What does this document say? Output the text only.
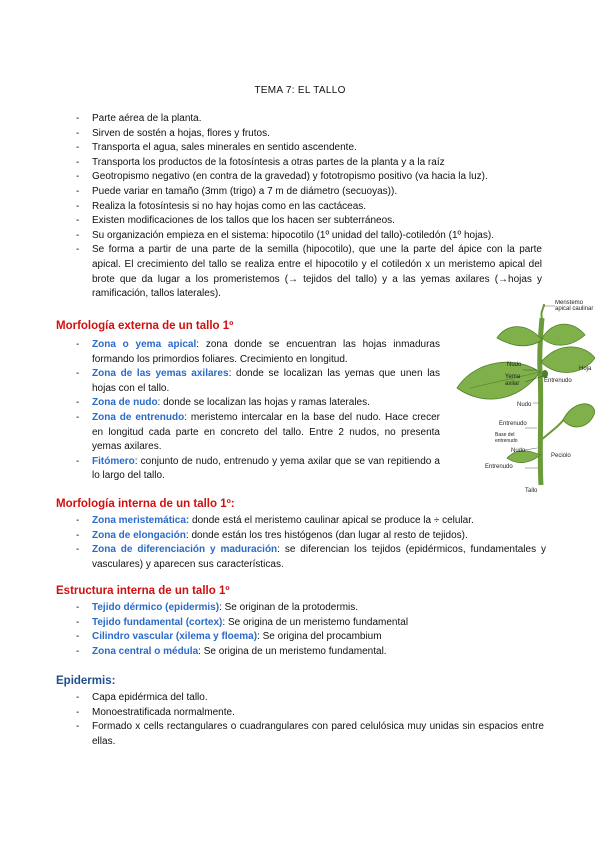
TEMA 7: EL TALLO
- Parte aérea de la planta.
- Sirven de sostén a hojas, flores y frutos.
- Transporta el agua, sales minerales en sentido ascendente.
- Transporta los productos de la fotosíntesis a otras partes de la planta y a la raíz
- Geotropismo negativo (en contra de la gravedad) y fototropismo positivo (va hacia la luz).
- Puede variar en tamaño (3mm (trigo) a 7 m de diámetro (secuoyas)).
- Realiza la fotosíntesis si no hay hojas como en las cactáceas.
- Existen modificaciones de los tallos que los hacen ser subterráneos.
- Su organización empieza en el sistema: hipocotilo (1º unidad del tallo)-cotiledón (1º hojas).
- Se forma a partir de una parte de la semilla (hipocotilo), que une la parte del ápice con la parte apical. El crecimiento del tallo se realiza entre el hipocotilo y el cotiledón x un meristemo apical del brote que da lugar a los promeristemos (→ tejidos del tallo) y a las yemas axilares (→hojas y ramificación, tallos laterales).
Morfología externa de un tallo 1º
- Zona o yema apical: zona donde se encuentran las hojas inmaduras formando los primordios foliares. Crecimiento en longitud.
- Zona de las yemas axilares: donde se localizan las yemas que unen las hojas con el tallo.
- Zona de nudo: donde se localizan las hojas y ramas laterales.
- Zona de entrenudo: meristemo intercalar en la base del nudo. Hace crecer en longitud cada parte en concreto del tallo. Entre 2 nudos, no presenta yemas axilares.
- Fitómero: conjunto de nudo, entrenudo y yema axilar que se van repitiendo a lo largo del tallo.
Meristemo
apical caulinar
Hoja
Nudo
Yema
axilar	Entrenudo
Nudo
Entrenudo
Base del
entrenudo
Nudo
Peciolo
Entrenudo
Tallo
Morfología interna de un tallo 1º:
- Zona meristemática: donde está el meristemo caulinar apical se produce la ÷ celular.
- Zona de elongación: donde están los tres histógenos (dan lugar al resto de tejidos).
- Zona de diferenciación y maduración: se diferencian los tejidos (epidérmicos, fundamentales y vasculares) y aparecen sus características.
Estructura interna de un tallo 1º
- Tejido dérmico (epidermis): Se originan de la protodermis.
- Tejido fundamental (cortex): Se origina de un meristemo fundamental
- Cilindro vascular (xilema y floema): Se origina del procambium
- Zona central o médula: Se origina de un meristemo fundamental.
Epidermis:
- Capa epidérmica del tallo.
- Monoestratificada normalmente.
- Formado x cells rectangulares o cuadrangulares con pared celulósica muy unidas sin espacios entre ellas.
